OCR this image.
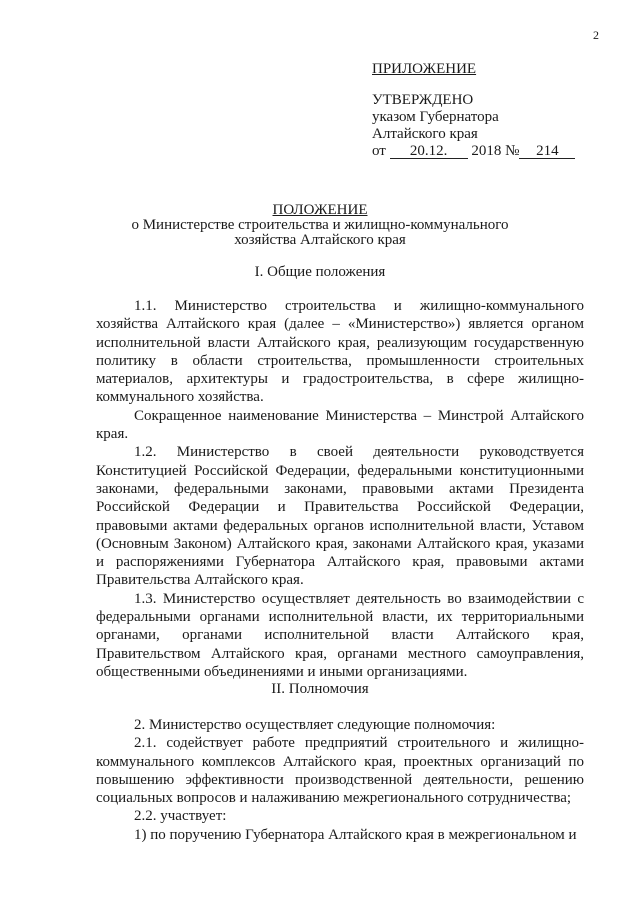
2
ПРИЛОЖЕНИЕ
УТВЕРЖДЕНО
указом Губернатора
Алтайского края
от 20.12. 2018 № 214
ПОЛОЖЕНИЕ
о Министерстве строительства и жилищно-коммунального
хозяйства Алтайского края
I. Общие положения

1.1. Министерство строительства и жилищно-коммунального хозяйства Алтайского края (далее – «Министерство») является органом исполнительной власти Алтайского края, реализующим государственную политику в области строительства, промышленности строительных материалов, архитектуры и градостроительства, в сфере жилищно-коммунального хозяйства.

Сокращенное наименование Министерства – Минстрой Алтайского края.

1.2. Министерство в своей деятельности руководствуется Конституцией Российской Федерации, федеральными конституционными законами, федеральными законами, правовыми актами Президента Российской Федерации и Правительства Российской Федерации, правовыми актами федеральных органов исполнительной власти, Уставом (Основным Законом) Алтайского края, законами Алтайского края, указами и распоряжениями Губернатора Алтайского края, правовыми актами Правительства Алтайского края.

1.3. Министерство осуществляет деятельность во взаимодействии с федеральными органами исполнительной власти, их территориальными органами, органами исполнительной власти Алтайского края, Правительством Алтайского края, органами местного самоуправления, общественными объединениями и иными организациями.

II. Полномочия

2. Министерство осуществляет следующие полномочия:

2.1. содействует работе предприятий строительного и жилищно-коммунального комплексов Алтайского края, проектных организаций по повышению эффективности производственной деятельности, решению социальных вопросов и налаживанию межрегионального сотрудничества;

2.2. участвует:

1) по поручению Губернатора Алтайского края в межрегиональном и
